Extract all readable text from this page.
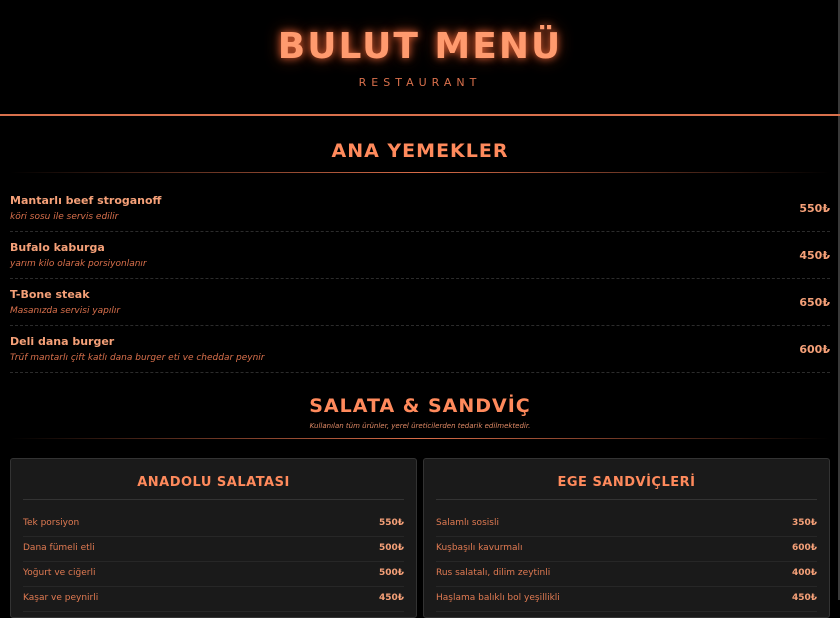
BULUT MENÜ
RESTAURANT
ANA YEMEKLER
Mantarlı beef stroganoff
köri sosu ile servis edilir
550₺
Bufalo kaburga
yarım kilo olarak porsiyonlanır
450₺
T-Bone steak
Masanızda servisi yapılır
650₺
Deli dana burger
Trüf mantarlı çift katlı dana burger eti ve cheddar peynir
600₺
SALATA & SANDVİÇ
Kullanılan tüm ürünler, yerel üreticilerden tedarik edilmektedir.
ANADOLU SALATASI
Tek porsiyon	550₺
Dana fümeli etli	500₺
Yoğurt ve ciğerli	500₺
Kaşar ve peynirli	450₺
EGE SANDVİÇLERİ
Salamlı sosisli	350₺
Kuşbaşılı kavurmalı	600₺
Rus salatalı, dilim zeytinli	400₺
Haşlama balıklı bol yeşillikli	450₺
